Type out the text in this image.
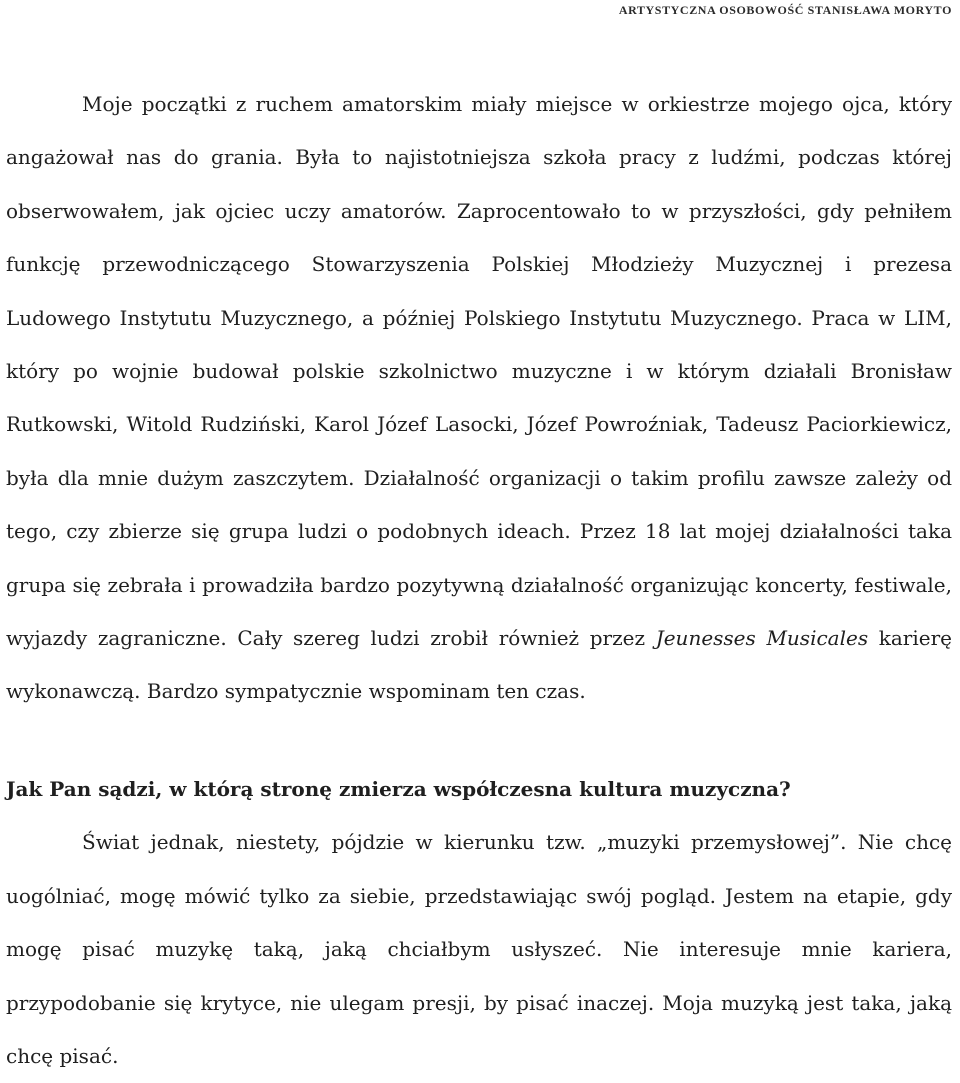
ARTYSTYCZNA OSOBOWOŚĆ STANISŁAWA MORYTO

Moje początki z ruchem amatorskim miały miejsce w orkiestrze mojego ojca, który angażował nas do grania. Była to najistotniejsza szkoła pracy z ludźmi, podczas której obserwowałem, jak ojciec uczy amatorów. Zaprocentowało to w przyszłości, gdy pełniłem funkcję przewodniczącego Stowarzyszenia Polskiej Młodzieży Muzycznej i prezesa Ludowego Instytutu Muzycznego, a później Polskiego Instytutu Muzycznego. Praca w LIM, który po wojnie budował polskie szkolnictwo muzyczne i w którym działali Bronisław Rutkowski, Witold Rudziński, Karol Józef Lasocki, Józef Powroźniak, Tadeusz Paciorkiewicz, była dla mnie dużym zaszczytem. Działalność organizacji o takim profilu zawsze zależy od tego, czy zbierze się grupa ludzi o podobnych ideach. Przez 18 lat mojej działalności taka grupa się zebrała i prowadziła bardzo pozytywną działalność organizując koncerty, festiwale, wyjazdy zagraniczne. Cały szereg ludzi zrobił również przez Jeunesses Musicales karierę wykonawczą. Bardzo sympatycznie wspominam ten czas.

Jak Pan sądzi, w którą stronę zmierza współczesna kultura muzyczna?

Świat jednak, niestety, pójdzie w kierunku tzw. „muzyki przemysłowej”. Nie chcę uogólniać, mogę mówić tylko za siebie, przedstawiając swój pogląd. Jestem na etapie, gdy mogę pisać muzykę taką, jaką chciałbym usłyszeć. Nie interesuje mnie kariera, przypodobanie się krytyce, nie ulegam presji, by pisać inaczej. Moja muzyką jest taka, jaką chcę pisać.
